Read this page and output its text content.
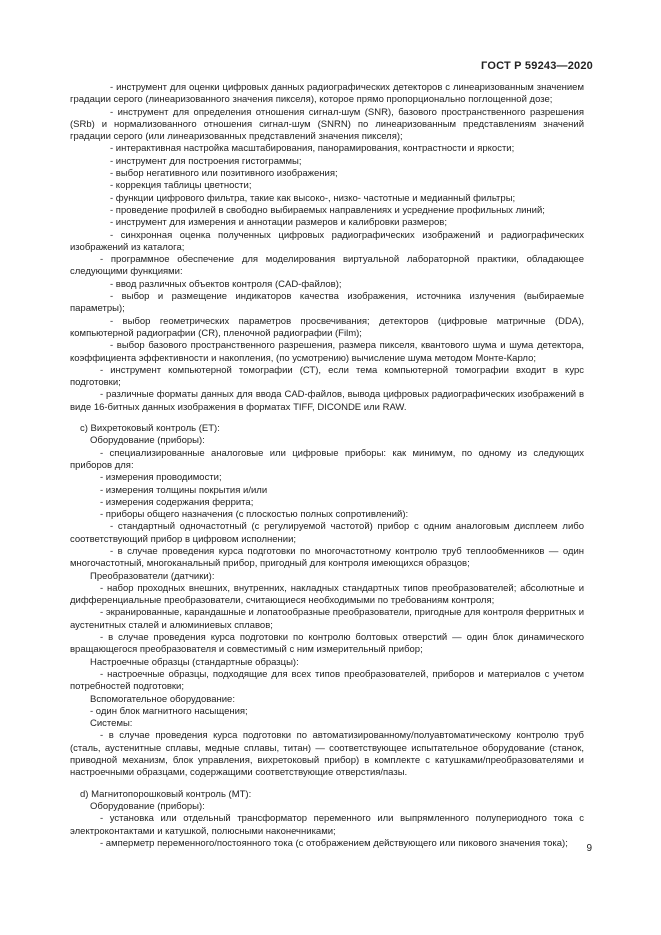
ГОСТ Р 59243—2020

- инструмент для оценки цифровых данных радиографических детекторов с линеаризованным значением градации серого (линеаризованного значения пикселя), которое прямо пропорционально поглощенной дозе;

- инструмент для определения отношения сигнал-шум (SNR), базового пространственного разрешения (SRb) и нормализованного отношения сигнал-шум (SNRN) по линеаризованным представлениям значений градации серого (или линеаризованных представлений значения пикселя);

- интерактивная настройка масштабирования, панорамирования, контрастности и яркости;

- инструмент для построения гистограммы;

- выбор негативного или позитивного изображения;

- коррекция таблицы цветности;

- функции цифрового фильтра, такие как высоко-, низко- частотные и медианный фильтры;

- проведение профилей в свободно выбираемых направлениях и усреднение профильных линий;

- инструмент для измерения и аннотации размеров и калибровки размеров;

- синхронная оценка полученных цифровых радиографических изображений и радиографических изображений из каталога;

- программное обеспечение для моделирования виртуальной лабораторной практики, обладающее следующими функциями:

- ввод различных объектов контроля (CAD-файлов);

- выбор и размещение индикаторов качества изображения, источника излучения (выбираемые параметры);

- выбор геометрических параметров просвечивания; детекторов (цифровые матричные (DDA), компьютерной радиографии (CR), пленочной радиографии (Film);

- выбор базового пространственного разрешения, размера пикселя, квантового шума и шума детектора, коэффициента эффективности и накопления, (по усмотрению) вычисление шума методом Монте-Карло;

- инструмент компьютерной томографии (СТ), если тема компьютерной томографии входит в курс подготовки;

- различные форматы данных для ввода CAD-файлов, вывода цифровых радиографических изображений в виде 16-битных данных изображения в форматах TIFF, DICONDE или RAW.

c) Вихретоковый контроль (ЕТ):

Оборудование (приборы):

- специализированные аналоговые или цифровые приборы: как минимум, по одному из следующих приборов для:

- измерения проводимости;

- измерения толщины покрытия и/или

- измерения содержания феррита;

- приборы общего назначения (с плоскостью полных сопротивлений):

- стандартный одночастотный (с регулируемой частотой) прибор с одним аналоговым дисплеем либо соответствующий прибор в цифровом исполнении;

- в случае проведения курса подготовки по многочастотному контролю труб теплообменников — один многочастотный, многоканальный прибор, пригодный для контроля имеющихся образцов;

Преобразователи (датчики):

- набор проходных внешних, внутренних, накладных стандартных типов преобразователей; абсолютные и дифференциальные преобразователи, считающиеся необходимыми по требованиям контроля;

- экранированные, карандашные и лопатообразные преобразователи, пригодные для контроля ферритных и аустенитных сталей и алюминиевых сплавов;

- в случае проведения курса подготовки по контролю болтовых отверстий — один блок динамического вращающегося преобразователя и совместимый с ним измерительный прибор;

Настроечные образцы (стандартные образцы):

- настроечные образцы, подходящие для всех типов преобразователей, приборов и материалов с учетом потребностей подготовки;

Вспомогательное оборудование:

- один блок магнитного насыщения;

Системы:

- в случае проведения курса подготовки по автоматизированному/полуавтоматическому контролю труб (сталь, аустенитные сплавы, медные сплавы, титан) — соответствующее испытательное оборудование (станок, приводной механизм, блок управления, вихретоковый прибор) в комплекте с катушками/преобразователями и настроечными образцами, содержащими соответствующие отверстия/пазы.

d) Магнитопорошковый контроль (МТ):

Оборудование (приборы):

- установка или отдельный трансформатор переменного или выпрямленного полупериодного тока с электроконтактами и катушкой, полюсными наконечниками;

- амперметр переменного/постоянного тока (с отображением действующего или пикового значения тока);	9
